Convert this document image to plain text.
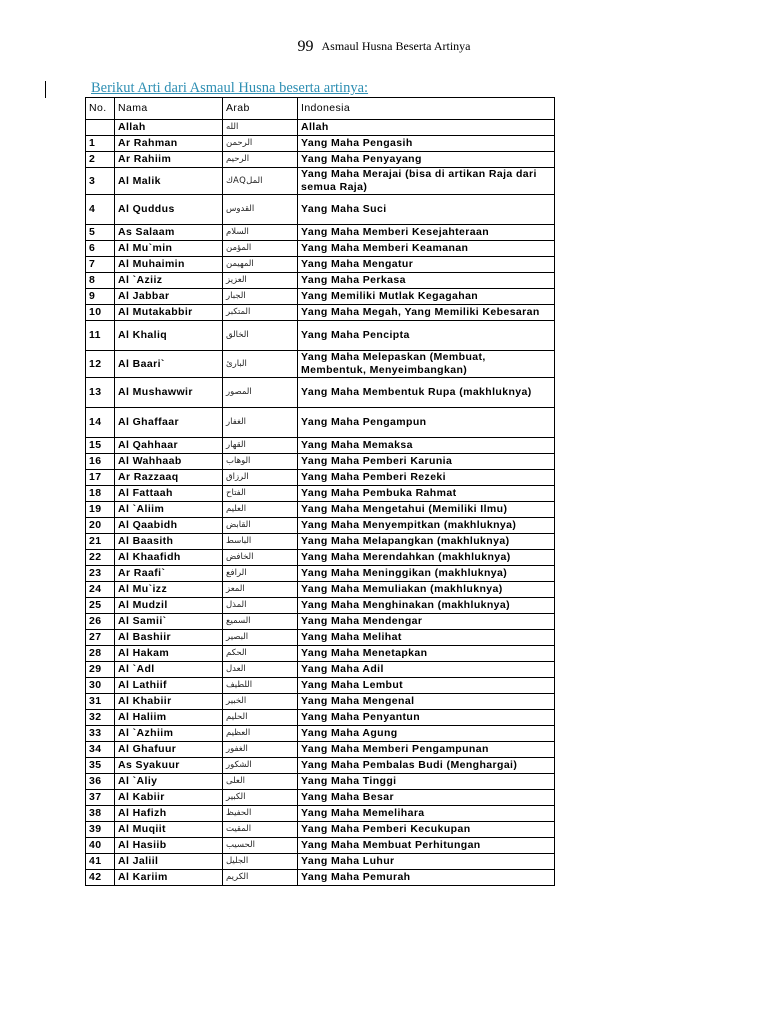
99 Asmaul Husna Beserta Artinya
Berikut Arti dari Asmaul Husna beserta artinya:
No.	Nama	Arab	Indonesia
	Allah	الله	Allah
1	Ar Rahman	الرحمن	Yang Maha Pengasih
2	Ar Rahiim	الرحيم	Yang Maha Penyayang
3	Al Malik	الملAQك	Yang Maha Merajai (bisa di artikan Raja dari semua Raja)
4	Al Quddus	القدوس	Yang Maha Suci
5	As Salaam	السلام	Yang Maha Memberi Kesejahteraan
6	Al Mu`min	المؤمن	Yang Maha Memberi Keamanan
7	Al Muhaimin	المهيمن	Yang Maha Mengatur
8	Al `Aziiz	العزيز	Yang Maha Perkasa
9	Al Jabbar	الجبار	Yang Memiliki Mutlak Kegagahan
10	Al Mutakabbir	المتكبر	Yang Maha Megah, Yang Memiliki Kebesaran
11	Al Khaliq	الخالق	Yang Maha Pencipta
12	Al Baari`	البارئ	Yang Maha Melepaskan (Membuat, Membentuk, Menyeimbangkan)
13	Al Mushawwir	المصور	Yang Maha Membentuk Rupa (makhluknya)
14	Al Ghaffaar	الغفار	Yang Maha Pengampun
15	Al Qahhaar	القهار	Yang Maha Memaksa
16	Al Wahhaab	الوهاب	Yang Maha Pemberi Karunia
17	Ar Razzaaq	الرزاق	Yang Maha Pemberi Rezeki
18	Al Fattaah	الفتاح	Yang Maha Pembuka Rahmat
19	Al `Aliim	العليم	Yang Maha Mengetahui (Memiliki Ilmu)
20	Al Qaabidh	القابض	Yang Maha Menyempitkan (makhluknya)
21	Al Baasith	الباسط	Yang Maha Melapangkan (makhluknya)
22	Al Khaafidh	الخافض	Yang Maha Merendahkan (makhluknya)
23	Ar Raafi`	الرافع	Yang Maha Meninggikan (makhluknya)
24	Al Mu`izz	المعز	Yang Maha Memuliakan (makhluknya)
25	Al Mudzil	المذل	Yang Maha Menghinakan (makhluknya)
26	Al Samii`	السميع	Yang Maha Mendengar
27	Al Bashiir	البصير	Yang Maha Melihat
28	Al Hakam	الحكم	Yang Maha Menetapkan
29	Al `Adl	العدل	Yang Maha Adil
30	Al Lathiif	اللطيف	Yang Maha Lembut
31	Al Khabiir	الخبير	Yang Maha Mengenal
32	Al Haliim	الحليم	Yang Maha Penyantun
33	Al `Azhiim	العظيم	Yang Maha Agung
34	Al Ghafuur	الغفور	Yang Maha Memberi Pengampunan
35	As Syakuur	الشكور	Yang Maha Pembalas Budi (Menghargai)
36	Al `Aliy	العلى	Yang Maha Tinggi
37	Al Kabiir	الكبير	Yang Maha Besar
38	Al Hafizh	الحفيظ	Yang Maha Memelihara
39	Al Muqiit	المقيت	Yang Maha Pemberi Kecukupan
40	Al Hasiib	الحسيب	Yang Maha Membuat Perhitungan
41	Al Jaliil	الجليل	Yang Maha Luhur
42	Al Kariim	الكريم	Yang Maha Pemurah
